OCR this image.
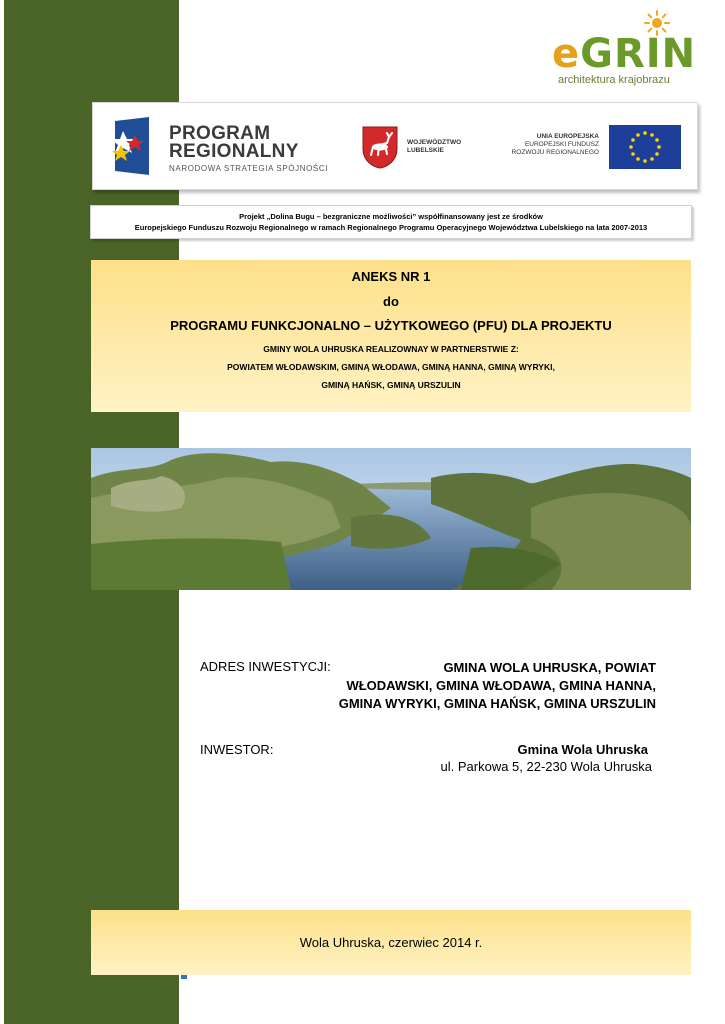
eGRIN
architektura krajobrazu
PROGRAM
REGIONALNY
NARODOWA STRATEGIA SPÓJNOŚCI
WOJEWÓDZTWO
LUBELSKIE
UNIA EUROPEJSKA
EUROPEJSKI FUNDUSZ
ROZWOJU REGIONALNEGO
Projekt „Dolina Bugu – bezgraniczne możliwości” współfinansowany jest ze środków
Europejskiego Funduszu Rozwoju Regionalnego w ramach Regionalnego Programu Operacyjnego Województwa Lubelskiego na lata 2007-2013
ANEKS NR 1
do
PROGRAMU FUNKCJONALNO – UŻYTKOWEGO (PFU) DLA PROJEKTU
GMINY WOLA UHRUSKA REALIZOWNAY W PARTNERSTWIE Z:
POWIATEM WŁODAWSKIM, GMINĄ WŁODAWA, GMINĄ HANNA, GMINĄ WYRYKI,
GMINĄ HAŃSK, GMINĄ URSZULIN
ADRES INWESTYCJI:	GMINA WOLA UHRUSKA, POWIAT
WŁODAWSKI, GMINA WŁODAWA, GMINA HANNA,
GMINA WYRYKI, GMINA HAŃSK, GMINA URSZULIN
INWESTOR:	Gmina Wola Uhruska
ul. Parkowa 5, 22-230 Wola Uhruska
Wola Uhruska, czerwiec 2014 r.
